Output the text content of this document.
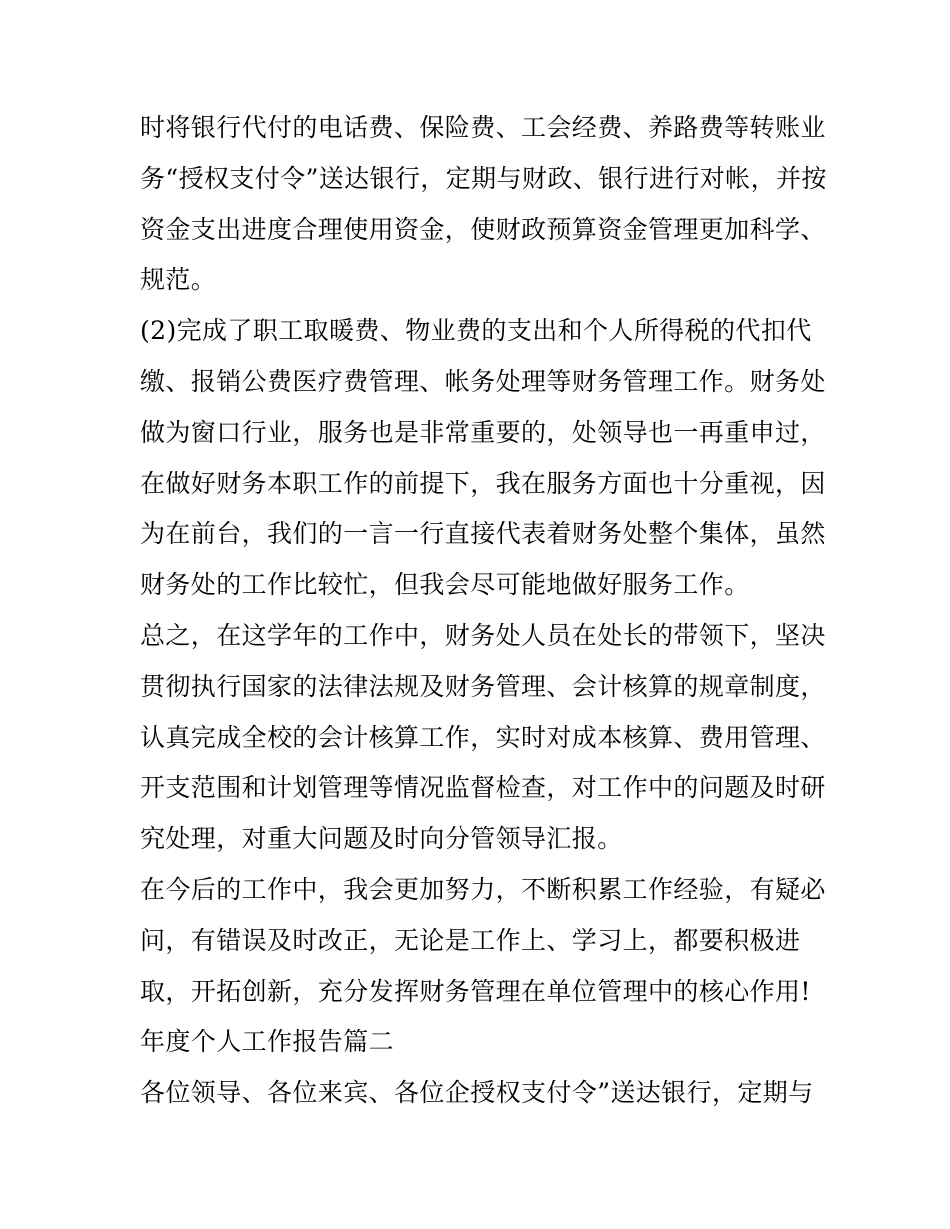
时将银行代付的电话费、保险费、工会经费、养路费等转账业
务“授权支付令”送达银行，定期与财政、银行进行对帐，并按
资金支出进度合理使用资金，使财政预算资金管理更加科学、
规范。
(2)完成了职工取暖费、物业费的支出和个人所得税的代扣代
缴、报销公费医疗费管理、帐务处理等财务管理工作。财务处
做为窗口行业，服务也是非常重要的，处领导也一再重申过，
在做好财务本职工作的前提下，我在服务方面也十分重视，因
为在前台，我们的一言一行直接代表着财务处整个集体，虽然
财务处的工作比较忙，但我会尽可能地做好服务工作。
总之，在这学年的工作中，财务处人员在处长的带领下，坚决
贯彻执行国家的法律法规及财务管理、会计核算的规章制度，
认真完成全校的会计核算工作，实时对成本核算、费用管理、
开支范围和计划管理等情况监督检查，对工作中的问题及时研
究处理，对重大问题及时向分管领导汇报。
在今后的工作中，我会更加努力，不断积累工作经验，有疑必
问，有错误及时改正，无论是工作上、学习上，都要积极进
取，开拓创新，充分发挥财务管理在单位管理中的核心作用!
年度个人工作报告篇二
各位领导、各位来宾、各位企授权支付令”送达银行，定期与
